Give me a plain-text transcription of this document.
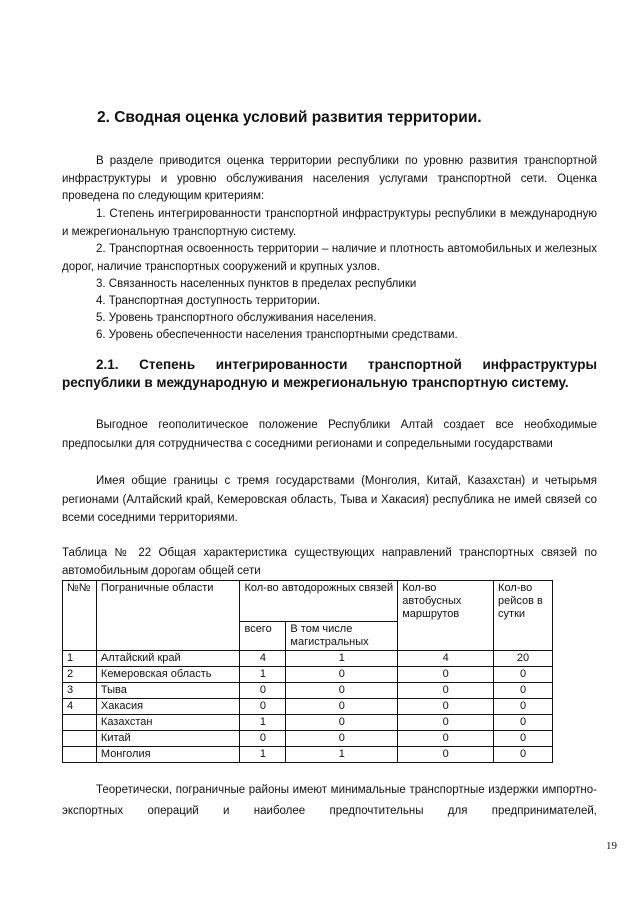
2. Сводная оценка условий развития территории.
В разделе приводится оценка территории республики по уровню развития транспортной инфраструктуры и уровню обслуживания населения услугами транспортной сети. Оценка проведена по следующим критериям:
1. Степень интегрированности транспортной инфраструктуры республики в международную и межрегиональную транспортную систему.
2. Транспортная освоенность территории – наличие и плотность автомобильных и железных дорог, наличие транспортных сооружений и крупных узлов.
3. Связанность населенных пунктов в пределах республики
4. Транспортная доступность территории.
5. Уровень транспортного обслуживания населения.
6. Уровень обеспеченности населения транспортными средствами.
2.1. Степень интегрированности транспортной инфраструктуры республики в международную и межрегиональную транспортную систему.
Выгодное геополитическое положение Республики Алтай создает все необходимые предпосылки для сотрудничества с соседними регионами и сопредельными государствами
Имея общие границы с тремя государствами (Монголия, Китай, Казахстан) и четырьмя регионами (Алтайский край, Кемеровская область, Тыва и Хакасия) республика не имей связей со всеми соседними территориями.
Таблица № 22 Общая характеристика существующих направлений транспортных связей по автомобильным дорогам общей сети
№№	Пограничные области	Кол-во автодорожных связей		Кол-во автобусных маршрутов	Кол-во рейсов в сутки
		всего	В том числе магистральных		
1	Алтайский край	4	1	4	20
2	Кемеровская область	1	0	0	0
3	Тыва	0	0	0	0
4	Хакасия	0	0	0	0
	Казахстан	1	0	0	0
	Китай	0	0	0	0
	Монголия	1	1	0	0
Теоретически, пограничные районы имеют минимальные транспортные издержки импортно-экспортных операций и наиболее предпочтительны для предпринимателей,
19
